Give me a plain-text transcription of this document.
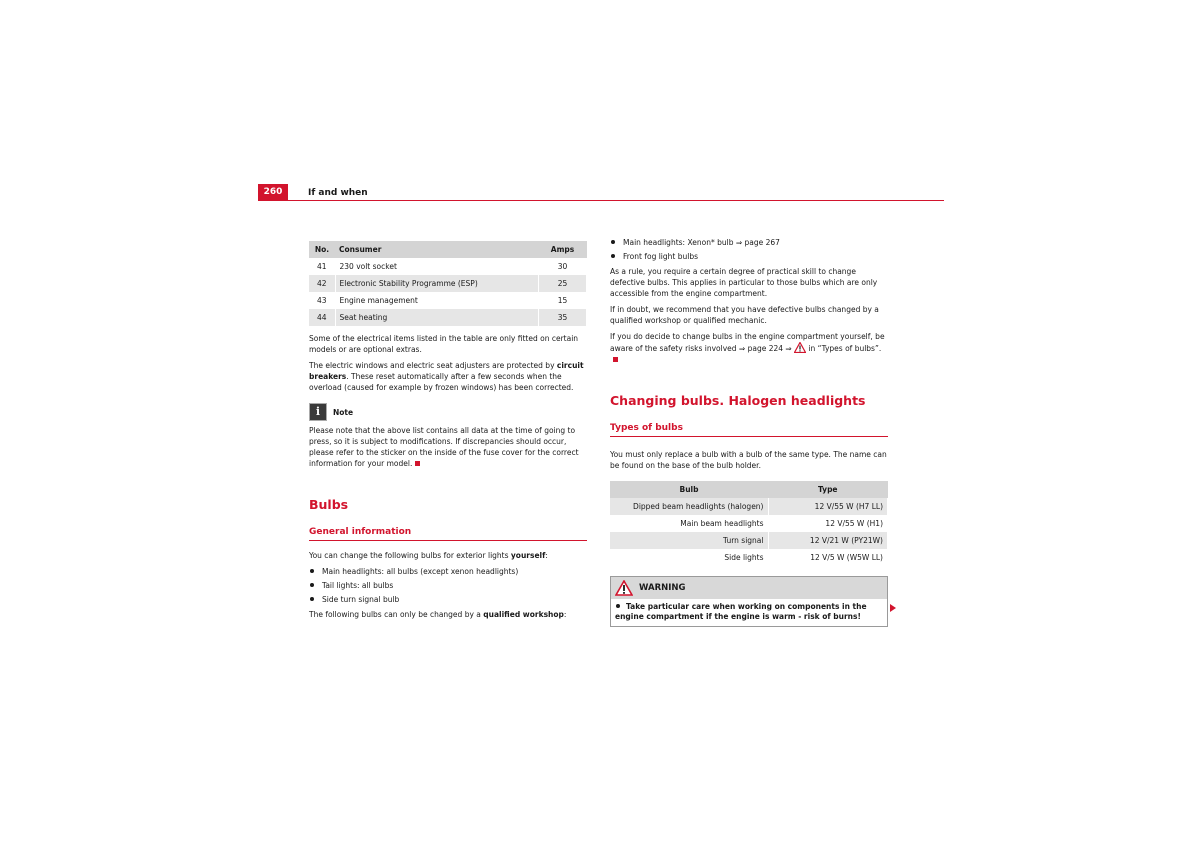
260	If and when
No.	Consumer	Amps
41	230 volt socket	30
42	Electronic Stability Programme (ESP)	25
43	Engine management	15
44	Seat heating	35

Some of the electrical items listed in the table are only fitted on certain models or are optional extras.

The electric windows and electric seat adjusters are protected by circuit breakers. These reset automatically after a few seconds when the overload (caused for example by frozen windows) has been corrected.

i	Note

Please note that the above list contains all data at the time of going to press, so it is subject to modifications. If discrepancies should occur, please refer to the sticker on the inside of the fuse cover for the correct information for your model.

Bulbs
General information

You can change the following bulbs for exterior lights yourself:

Main headlights: all bulbs (except xenon headlights)
Tail lights: all bulbs
Side turn signal bulb

The following bulbs can only be changed by a qualified workshop:

Main headlights: Xenon* bulb ⇒ page 267
Front fog light bulbs

As a rule, you require a certain degree of practical skill to change defective bulbs. This applies in particular to those bulbs which are only accessible from the engine compartment.

If in doubt, we recommend that you have defective bulbs changed by a qualified workshop or qualified mechanic.

If you do decide to change bulbs in the engine compartment yourself, be aware of the safety risks involved ⇒ page 224 ⇒  in “Types of bulbs”.

Changing bulbs. Halogen headlights
Types of bulbs

You must only replace a bulb with a bulb of the same type. The name can be found on the base of the bulb holder.

Bulb	Type
Dipped beam headlights (halogen)	12 V/55 W (H7 LL)
Main beam headlights	12 V/55 W (H1)
Turn signal	12 V/21 W (PY21W)
Side lights	12 V/5 W (W5W LL)
WARNING
Take particular care when working on components in the engine compartment if the engine is warm - risk of burns!
